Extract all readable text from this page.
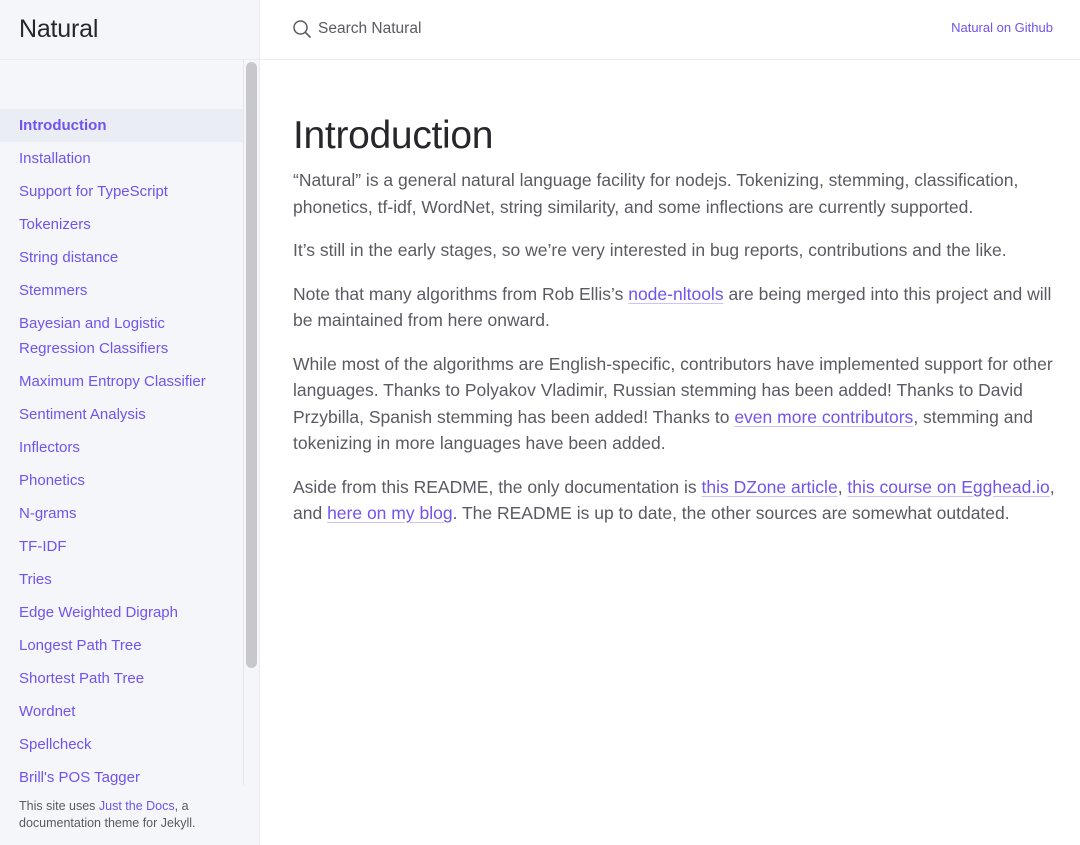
Natural
Introduction
Installation
Support for TypeScript
Tokenizers
String distance
Stemmers
Bayesian and Logistic Regression Classifiers
Maximum Entropy Classifier
Sentiment Analysis
Inflectors
Phonetics
N-grams
TF-IDF
Tries
Edge Weighted Digraph
Longest Path Tree
Shortest Path Tree
Wordnet
Spellcheck
Brill's POS Tagger
This site uses Just the Docs, a documentation theme for Jekyll.
Search Natural
Natural on Github
Introduction

“Natural” is a general natural language facility for nodejs. Tokenizing, stemming, classification, phonetics, tf-idf, WordNet, string similarity, and some inflections are currently supported.

It’s still in the early stages, so we’re very interested in bug reports, contributions and the like.

Note that many algorithms from Rob Ellis’s node-nltools are being merged into this project and will be maintained from here onward.

While most of the algorithms are English-specific, contributors have implemented support for other languages. Thanks to Polyakov Vladimir, Russian stemming has been added! Thanks to David Przybilla, Spanish stemming has been added! Thanks to even more contributors, stemming and tokenizing in more languages have been added.

Aside from this README, the only documentation is this DZone article, this course on Egghead.io, and here on my blog. The README is up to date, the other sources are somewhat outdated.
